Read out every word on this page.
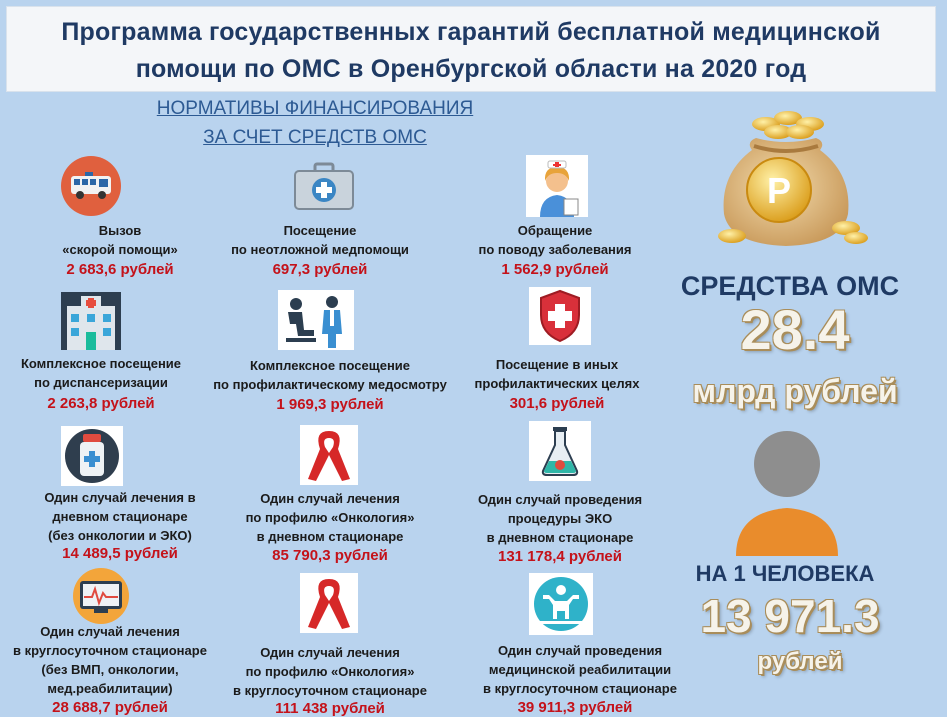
Программа государственных гарантий бесплатной медицинской
помощи по ОМС в Оренбургской области на 2020 год
НОРМАТИВЫ ФИНАНСИРОВАНИЯ
ЗА СЧЕТ СРЕДСТВ ОМС
Вызов
«скорой помощи»
2 683,6 рублей
Посещение
по неотложной медпомощи
697,3 рублей
Обращение
по поводу заболевания
1 562,9 рублей
Комплексное посещение
по диспансеризации
2 263,8 рублей
Комплексное посещение
по профилактическому медосмотру
1 969,3 рублей
Посещение в иных
профилактических целях
301,6 рублей
Один случай лечения в
дневном стационаре
(без онкологии и ЭКО)
14 489,5 рублей
Один случай лечения
по профилю «Онкология»
в дневном стационаре
85 790,3 рублей
Один случай проведения
процедуры ЭКО
в дневном стационаре
131 178,4 рублей
Один случай лечения
в круглосуточном стационаре
(без ВМП, онкологии,
мед.реабилитации)
28 688,7 рублей
Один случай лечения
по профилю «Онкология»
в круглосуточном стационаре
111 438 рублей
Один случай проведения
медицинской реабилитации
в круглосуточном стационаре
39 911,3 рублей
Р
СРЕДСТВА ОМС
28.4
млрд рублей
НА 1 ЧЕЛОВЕКА
13 971.3
рублей
